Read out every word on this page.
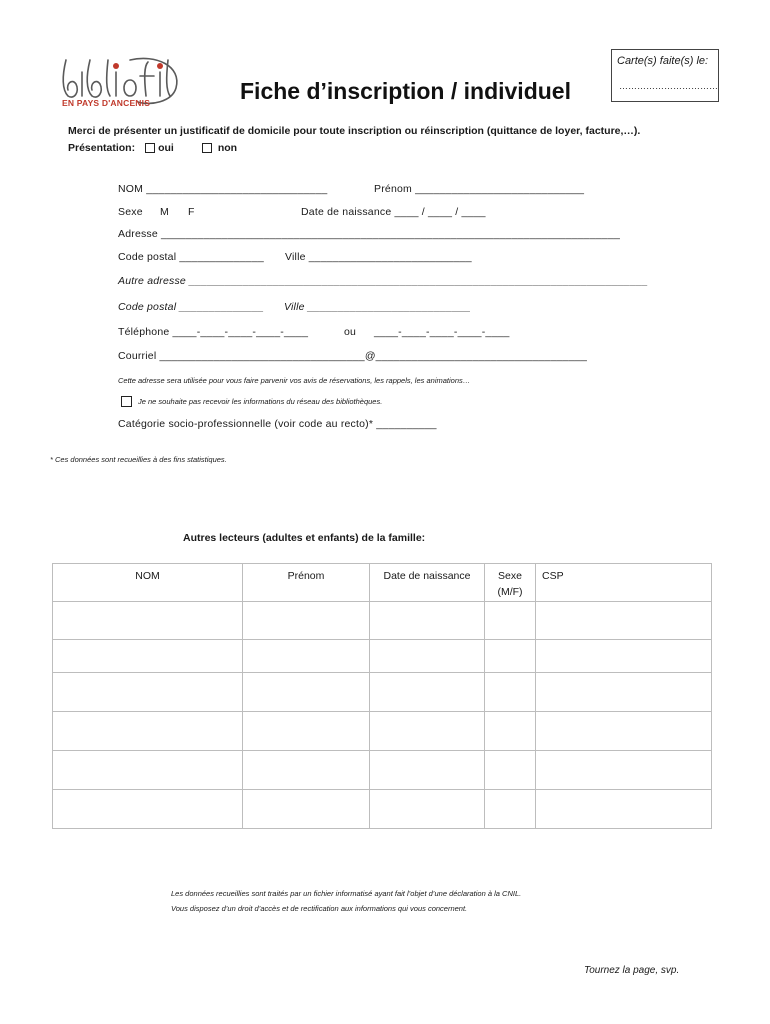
EN PAYS D'ANCENIS	Fiche d’inscription / individuel
Carte(s) faite(s) le:
……………………………
Merci de présenter un justificatif de domicile pour toute inscription ou réinscription (quittance de loyer, facture,…).
Présentation: oui	non
NOM ______________________________	Prénom ____________________________
Sexe M F	Date de naissance ____ / ____ / ____
Adresse ____________________________________________________________________________
Code postal ______________ Ville ___________________________
Autre adresse ____________________________________________________________________________
Code postal ______________ Ville ___________________________
Téléphone ____-____-____-____-____	ou ____-____-____-____-____
Courriel __________________________________@___________________________________
Cette adresse sera utilisée pour vous faire parvenir vos avis de réservations, les rappels, les animations…
Je ne souhaite pas recevoir les informations du réseau des bibliothèques.
Catégorie socio-professionnelle (voir code au recto)* __________
* Ces données sont recueillies à des fins statistiques.
Autres lecteurs (adultes et enfants) de la famille:
NOM	Prénom	Date de naissance	Sexe
(M/F)	CSP

Les données recueillies sont traités par un fichier informatisé ayant fait l’objet d’une déclaration à la CNIL.
Vous disposez d’un droit d’accès et de rectification aux informations qui vous concernent.
Tournez la page, svp.
